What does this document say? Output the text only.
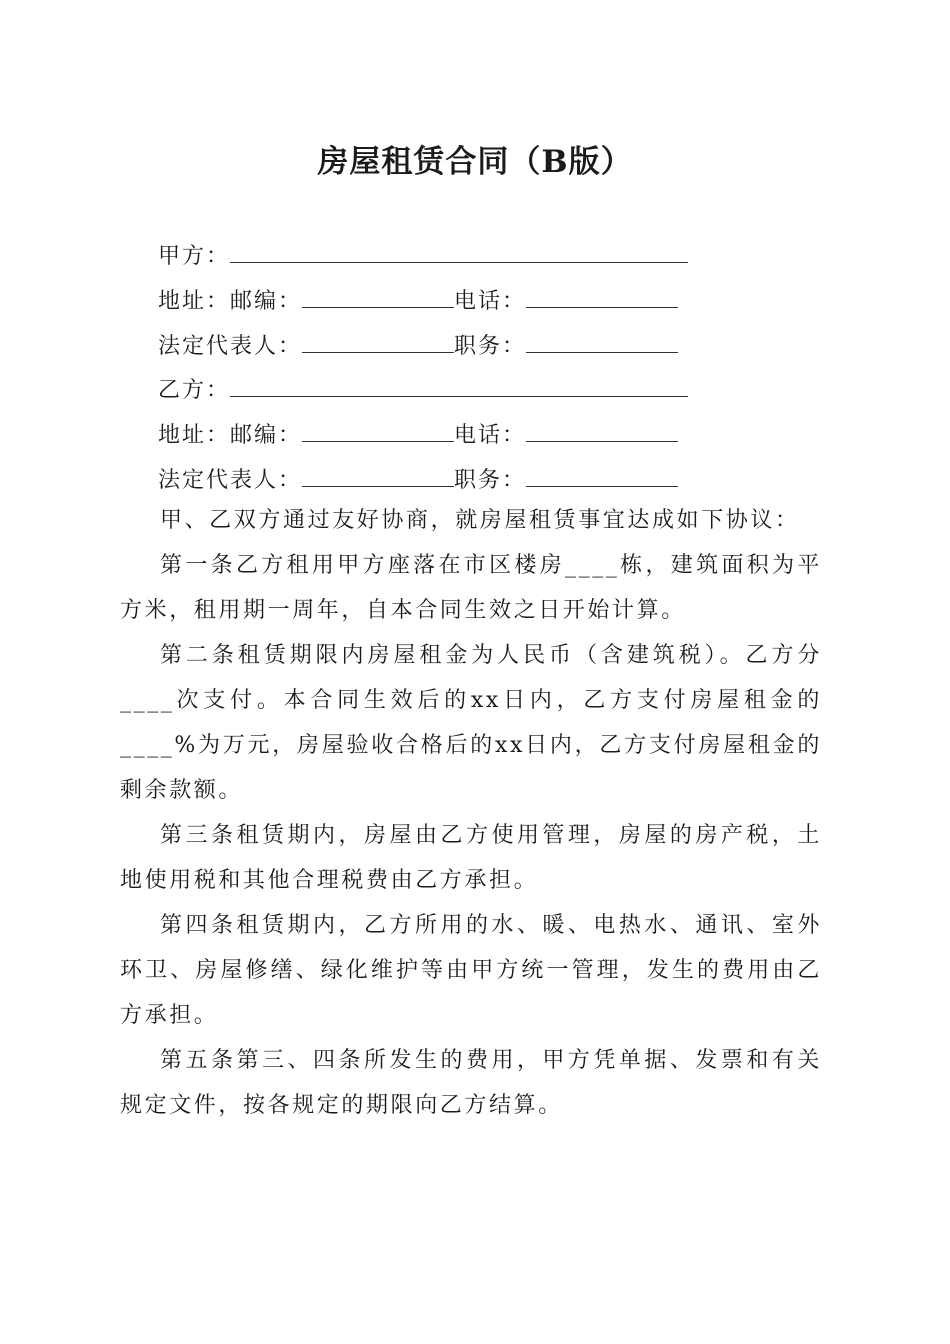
房屋租赁合同（B版）
甲方：
地址： 邮编：	电话：
法定代表人：	职务：
乙方：
地址： 邮编：	电话：
法定代表人：	职务：

甲、乙双方通过友好协商，就房屋租赁事宜达成如下协议：

第一条乙方租用甲方座落在市区楼房____栋，建筑面积为平方米，租用期一周年，自本合同生效之日开始计算。

第二条租赁期限内房屋租金为人民币（含建筑税）。乙方分____次支付。本合同生效后的xx日内，乙方支付房屋租金的____%为万元，房屋验收合格后的xx日内，乙方支付房屋租金的剩余款额。

第三条租赁期内，房屋由乙方使用管理，房屋的房产税，土地使用税和其他合理税费由乙方承担。

第四条租赁期内，乙方所用的水、暖、电热水、通讯、室外环卫、房屋修缮、绿化维护等由甲方统一管理，发生的费用由乙方承担。

第五条第三、四条所发生的费用，甲方凭单据、发票和有关规定文件，按各规定的期限向乙方结算。
